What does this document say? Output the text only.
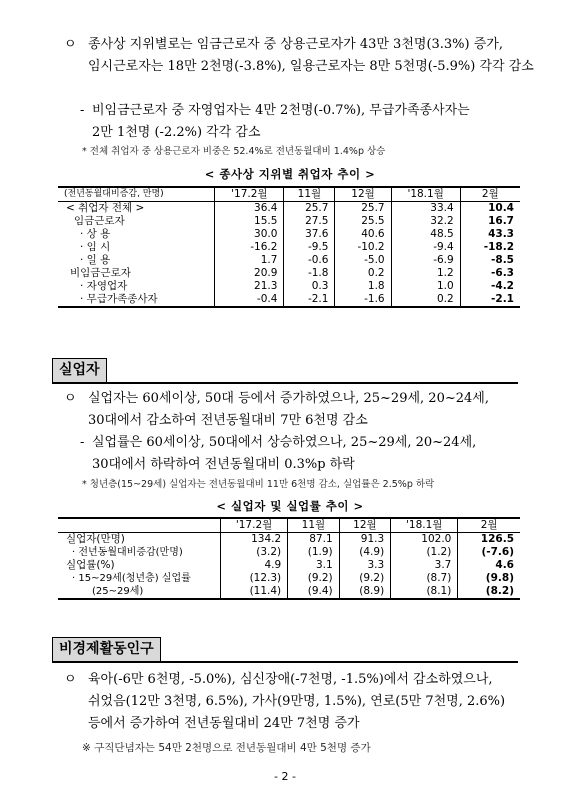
ㅇ 종사상 지위별로는 임금근로자 중 상용근로자가 43만 3천명(3.3%) 증가,
임시근로자는 18만 2천명(-3.8%), 일용근로자는 8만 5천명(-5.9%) 각각 감소
- 비임금근로자 중 자영업자는 4만 2천명(-0.7%), 무급가족종사자는
2만 1천명 (-2.2%) 각각 감소
* 전체 취업자 중 상용근로자 비중은 52.4%로 전년동월대비 1.4%p 상승
< 종사상 지위별 취업자 추이 >
(전년동월대비증감, 만명)	'17.2월	11월	12월	'18.1월	2월
< 취업자 전체 >	36.4	25.7	25.7	33.4	10.4
임금근로자	15.5	27.5	25.5	32.2	16.7
· 상 용	30.0	37.6	40.6	48.5	43.3
· 임 시	-16.2	-9.5	-10.2	-9.4	-18.2
· 일 용	1.7	-0.6	-5.0	-6.9	-8.5
비임금근로자	20.9	-1.8	0.2	1.2	-6.3
· 자영업자	21.3	0.3	1.8	1.0	-4.2
· 무급가족종사자	-0.4	-2.1	-1.6	0.2	-2.1
실업자
ㅇ 실업자는 60세이상, 50대 등에서 증가하였으나, 25~29세, 20~24세,
30대에서 감소하여 전년동월대비 7만 6천명 감소
- 실업률은 60세이상, 50대에서 상승하였으나, 25~29세, 20~24세,
30대에서 하락하여 전년동월대비 0.3%p 하락
* 청년층(15~29세) 실업자는 전년동월대비 11만 6천명 감소, 실업률은 2.5%p 하락
< 실업자 및 실업률 추이 >
	'17.2월	11월	12월	'18.1월	2월
실업자(만명)	134.2	87.1	91.3	102.0	126.5
· 전년동월대비증감(만명)	(3.2)	(1.9)	(4.9)	(1.2)	(-7.6)
실업률(%)	4.9	3.1	3.3	3.7	4.6
· 15~29세(청년층) 실업률	(12.3)	(9.2)	(9.2)	(8.7)	(9.8)
(25~29세)	(11.4)	(9.4)	(8.9)	(8.1)	(8.2)
비경제활동인구
ㅇ 육아(-6만 6천명, -5.0%), 심신장애(-7천명, -1.5%)에서 감소하였으나,
쉬었음(12만 3천명, 6.5%), 가사(9만명, 1.5%), 연로(5만 7천명, 2.6%)
등에서 증가하여 전년동월대비 24만 7천명 증가
※ 구직단념자는 54만 2천명으로 전년동월대비 4만 5천명 증가
- 2 -
